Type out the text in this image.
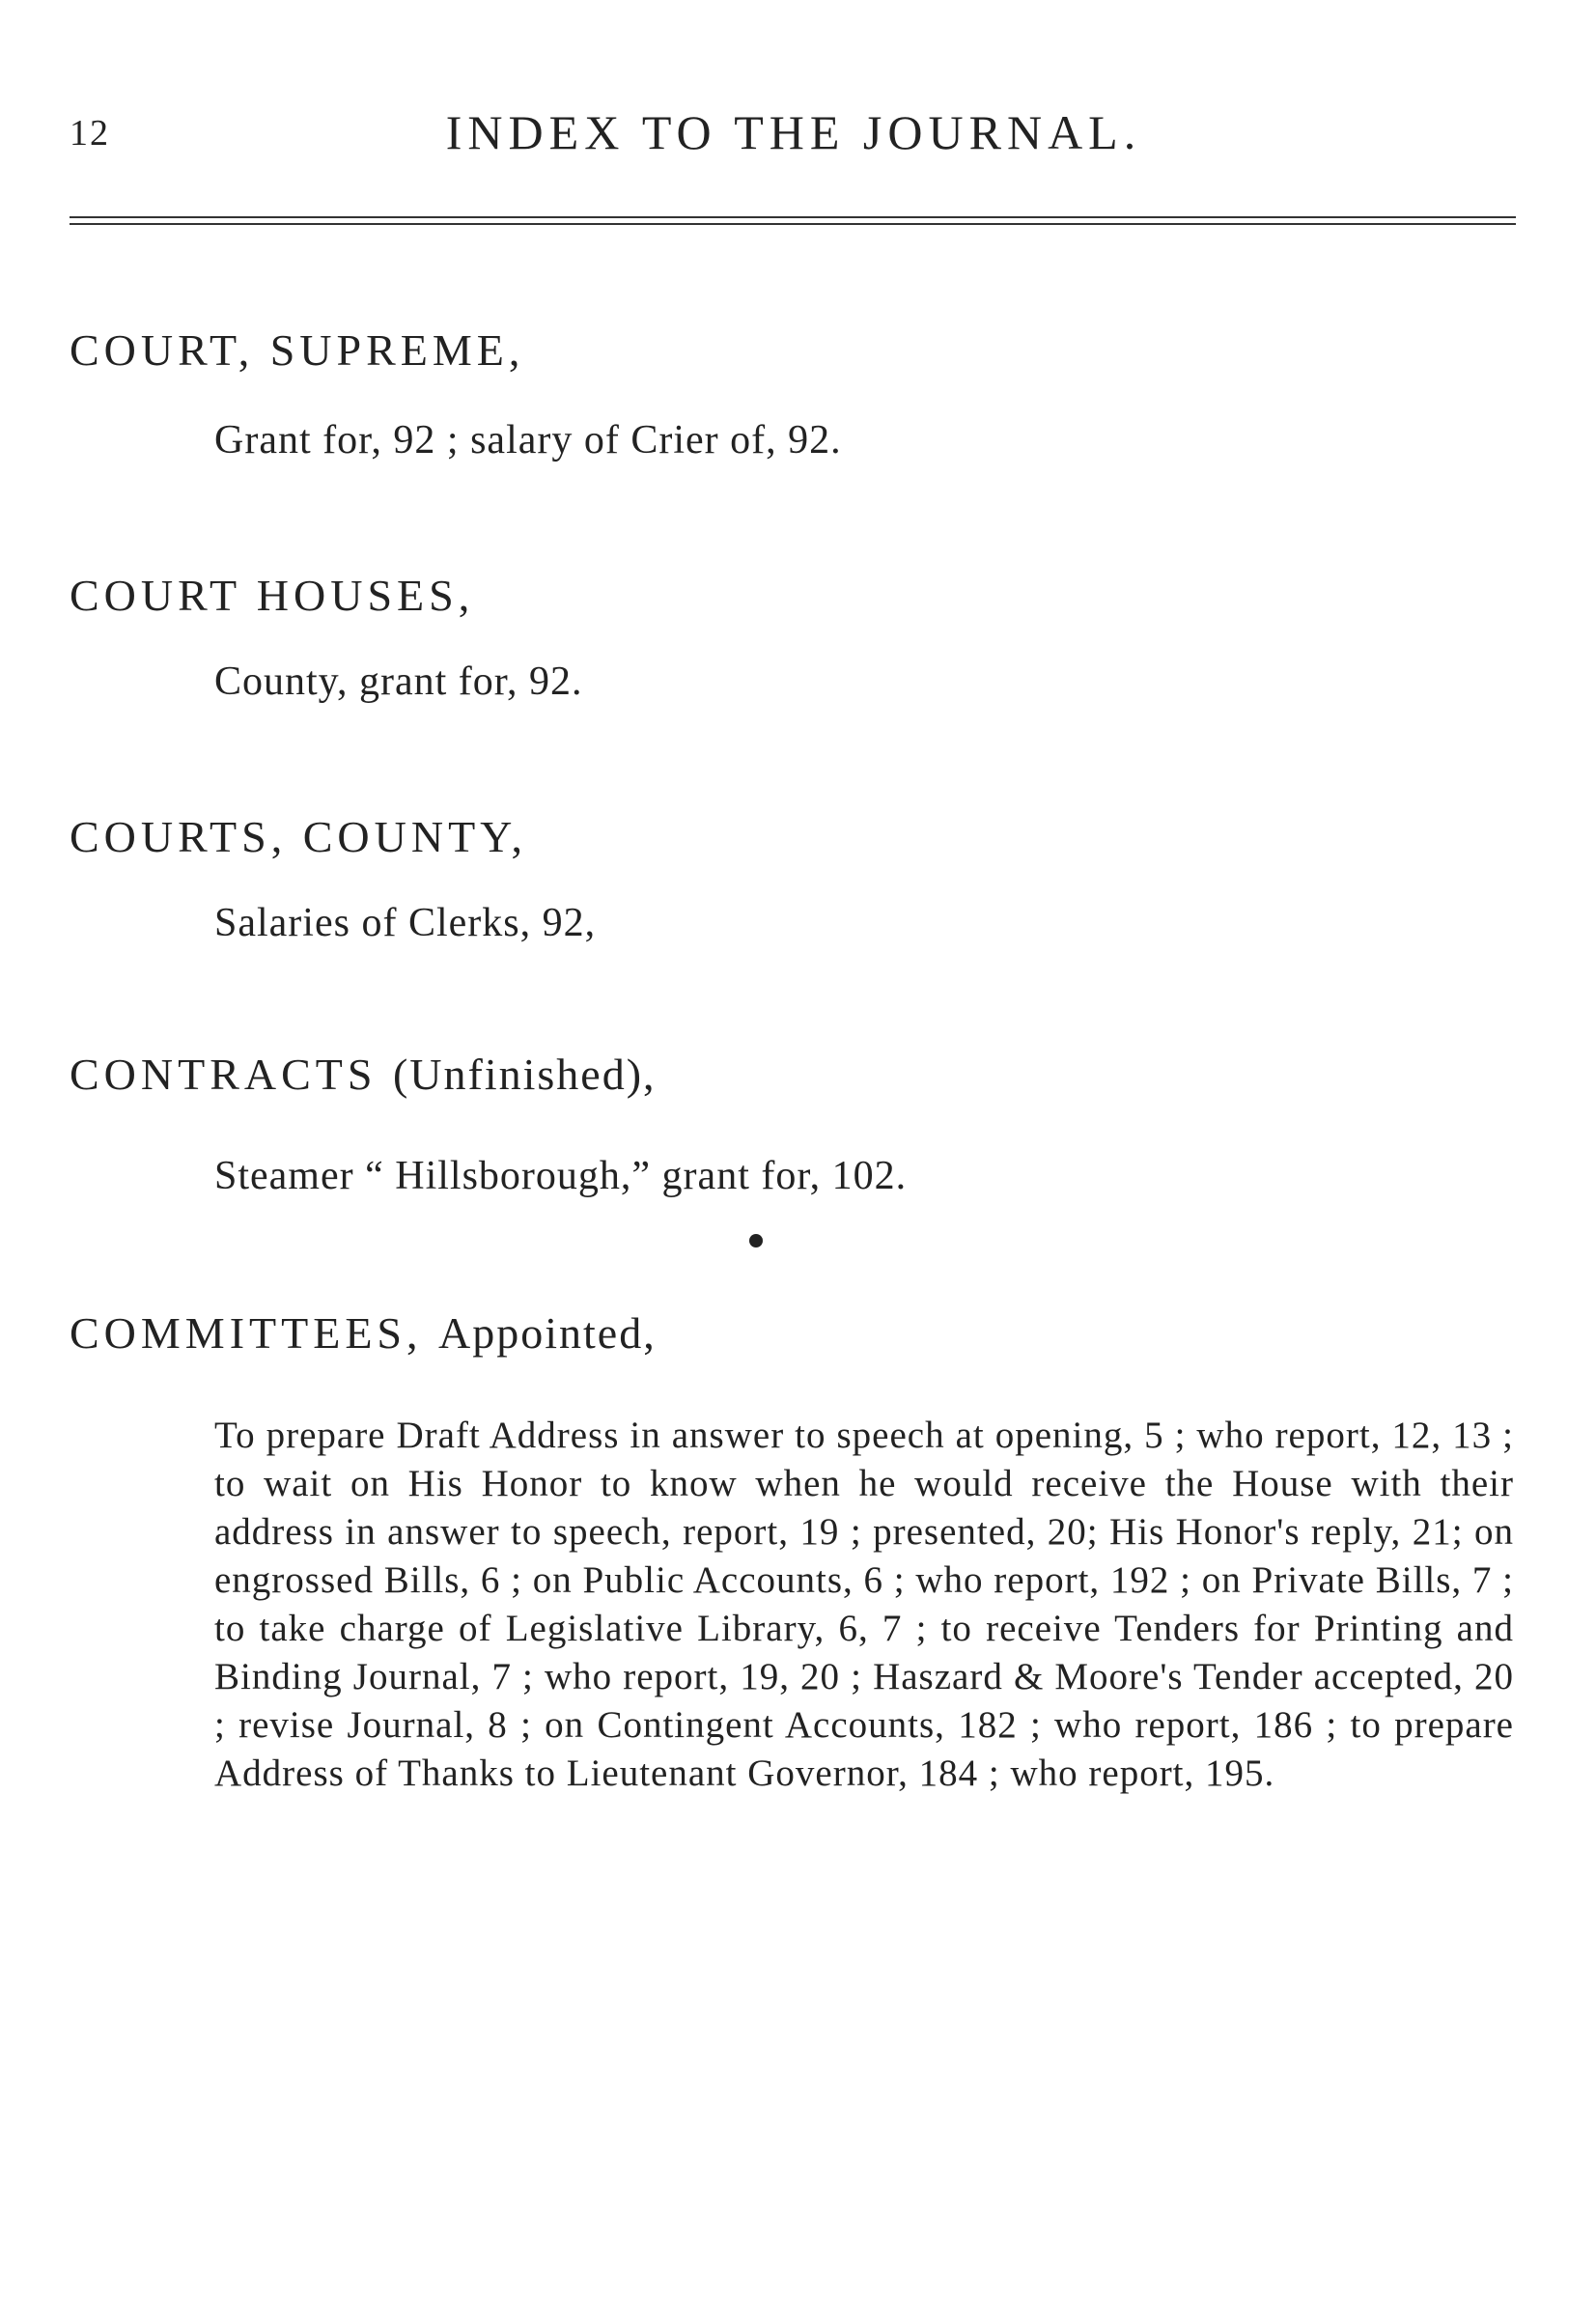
12	INDEX TO THE JOURNAL.
COURT, SUPREME,
Grant for, 92 ; salary of Crier of, 92.
COURT HOUSES,
County, grant for, 92.
COURTS, COUNTY,
Salaries of Clerks, 92,
CONTRACTS (Unfinished),
Steamer “ Hillsborough,” grant for, 102.
COMMITTEES, Appointed,
To prepare Draft Address in answer to speech at opening, 5 ; who report, 12, 13 ; to wait on His Honor to know when he would receive the House with their address in answer to speech, report, 19 ; presented, 20; His Honor's reply, 21; on engrossed Bills, 6 ; on Public Accounts, 6 ; who report, 192 ; on Private Bills, 7 ; to take charge of Legislative Library, 6, 7 ; to receive Tenders for Printing and Binding Journal, 7 ; who report, 19, 20 ; Haszard & Moore's Tender accepted, 20 ; revise Journal, 8 ; on Contingent Accounts, 182 ; who report, 186 ; to prepare Address of Thanks to Lieutenant Governor, 184 ; who report, 195.
